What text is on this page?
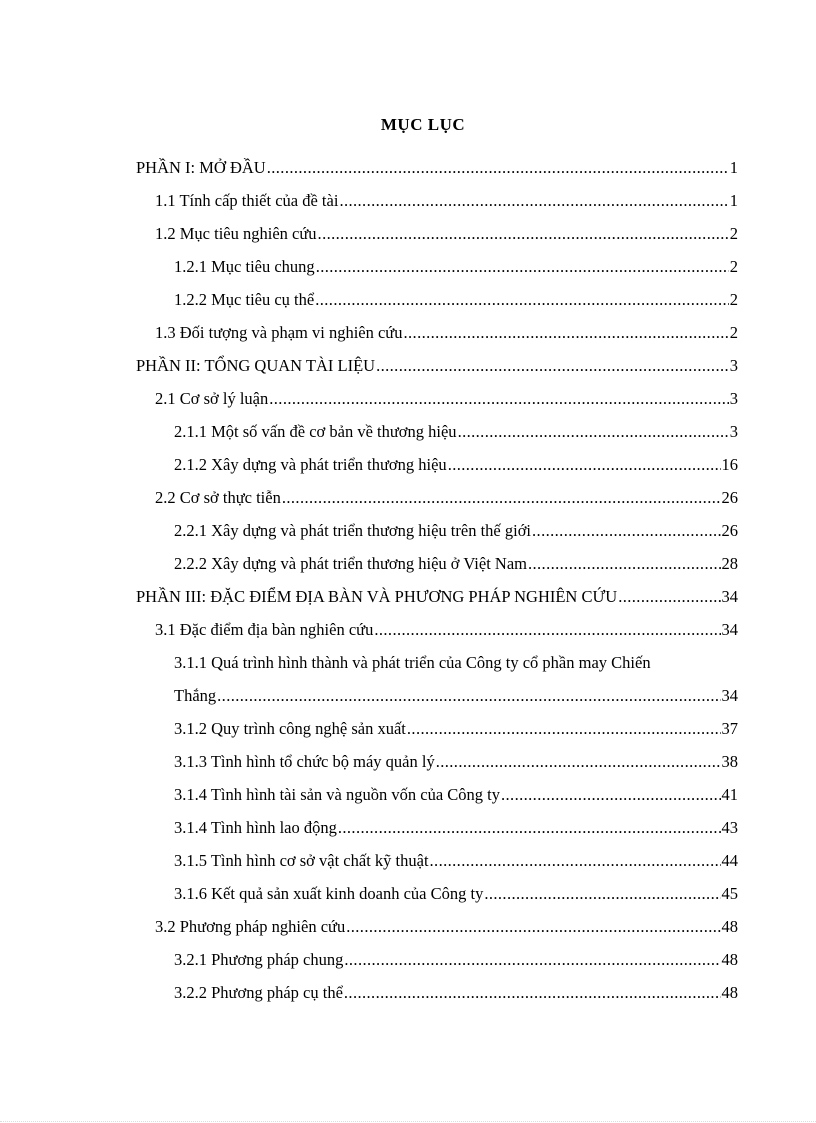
MỤC LỤC
PHẦN I: MỞ ĐẦU .....	1
1.1 Tính cấp thiết của đề tài .....	1
1.2 Mục tiêu nghiên cứu .....	2
1.2.1 Mục tiêu chung .....	2
1.2.2 Mục tiêu cụ thể .....	2
1.3 Đối tượng và phạm vi nghiên cứu .....	2
PHẦN II: TỔNG QUAN TÀI LIỆU .....	3
2.1 Cơ sở lý luận .....	3
2.1.1 Một số vấn đề cơ bản về thương hiệu .....	3
2.1.2 Xây dựng và phát triển thương hiệu .....	16
2.2 Cơ sở thực tiễn .....	26
2.2.1 Xây dựng và phát triển thương hiệu trên thế giới .....	26
2.2.2 Xây dựng và phát triển thương hiệu ở Việt Nam .....	28
PHẦN III: ĐẶC ĐIỂM ĐỊA BÀN VÀ PHƯƠNG PHÁP NGHIÊN CỨU .....	34
3.1 Đặc điểm địa bàn nghiên cứu .....	34
3.1.1 Quá trình hình thành và phát triển của Công ty cổ phần may Chiến
Thắng .....	34
3.1.2 Quy trình công nghệ sản xuất .....	37
3.1.3 Tình hình tổ chức bộ máy quản lý .....	38
3.1.4 Tình hình tài sản và nguồn vốn của Công ty .....	41
3.1.4 Tình hình lao động .....	43
3.1.5 Tình hình cơ sở vật chất kỹ thuật .....	44
3.1.6 Kết quả sản xuất kinh doanh của Công ty .....	45
3.2 Phương pháp nghiên cứu .....	48
3.2.1 Phương pháp chung .....	48
3.2.2 Phương pháp cụ thể .....	48
